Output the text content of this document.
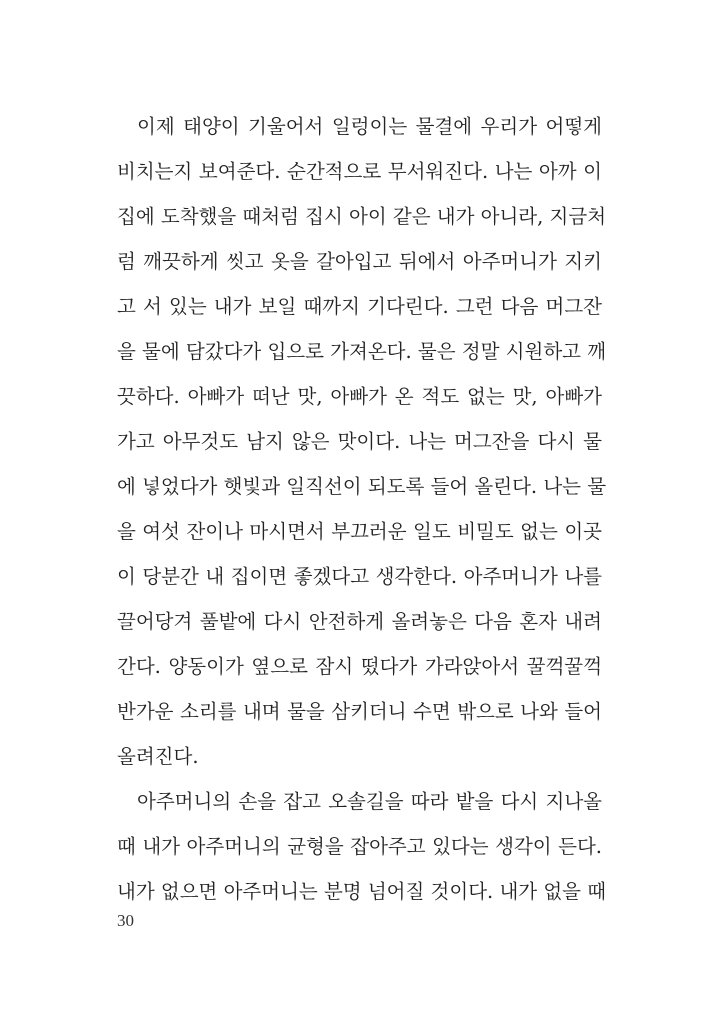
이제 태양이 기울어서 일렁이는 물결에 우리가 어떻게
비치는지 보여준다. 순간적으로 무서워진다. 나는 아까 이
집에 도착했을 때처럼 집시 아이 같은 내가 아니라, 지금처
럼 깨끗하게 씻고 옷을 갈아입고 뒤에서 아주머니가 지키
고 서 있는 내가 보일 때까지 기다린다. 그런 다음 머그잔
을 물에 담갔다가 입으로 가져온다. 물은 정말 시원하고 깨
끗하다. 아빠가 떠난 맛, 아빠가 온 적도 없는 맛, 아빠가
가고 아무것도 남지 않은 맛이다. 나는 머그잔을 다시 물
에 넣었다가 햇빛과 일직선이 되도록 들어 올린다. 나는 물
을 여섯 잔이나 마시면서 부끄러운 일도 비밀도 없는 이곳
이 당분간 내 집이면 좋겠다고 생각한다. 아주머니가 나를
끌어당겨 풀밭에 다시 안전하게 올려놓은 다음 혼자 내려
간다. 양동이가 옆으로 잠시 떴다가 가라앉아서 꿀꺽꿀꺽
반가운 소리를 내며 물을 삼키더니 수면 밖으로 나와 들어
올려진다.
아주머니의 손을 잡고 오솔길을 따라 밭을 다시 지나올
때 내가 아주머니의 균형을 잡아주고 있다는 생각이 든다.
내가 없으면 아주머니는 분명 넘어질 것이다. 내가 없을 때
30
